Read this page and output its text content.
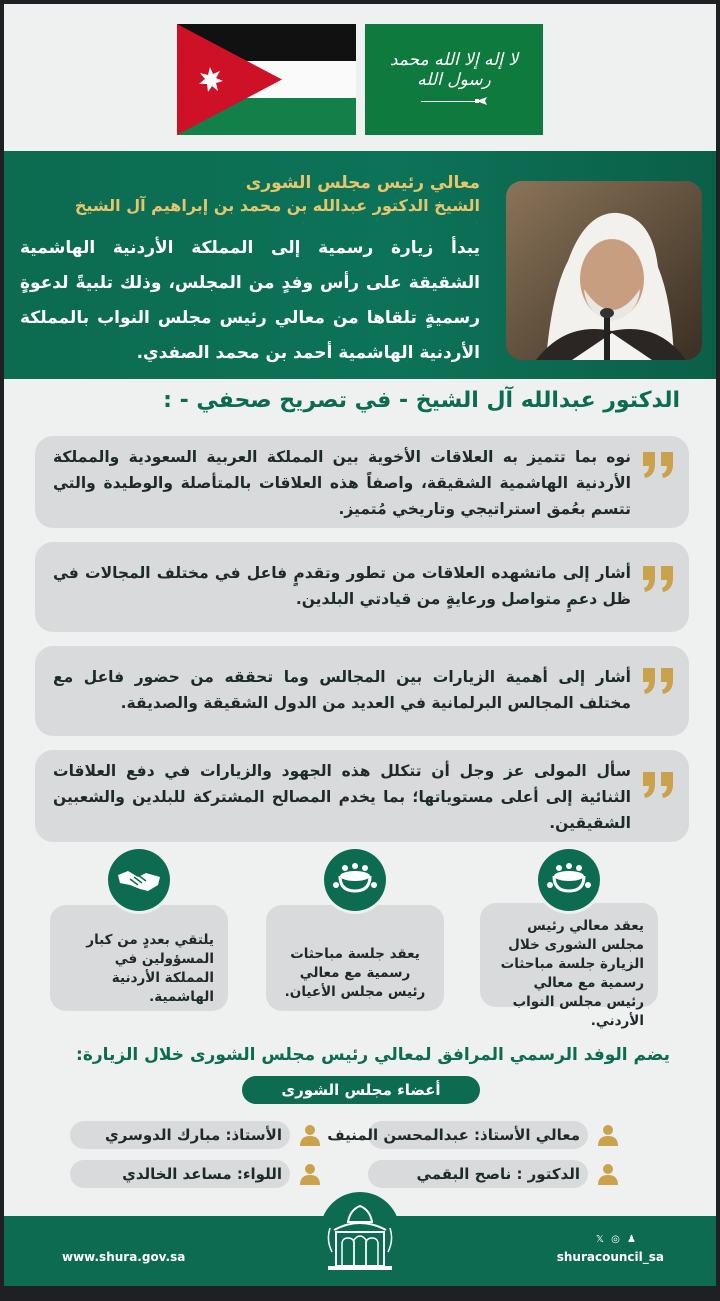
لا إله إلا الله محمد رسول الله
معالي رئيس مجلس الشورى
الشيخ الدكتور عبدالله بن محمد بن إبراهيم آل الشيخ
يبدأ زيارة رسمية إلى المملكة الأردنية الهاشمية الشقيقة على رأس وفدٍ من المجلس، وذلك تلبيةً لدعوةٍ رسميةٍ تلقاها من معالي رئيس مجلس النواب بالمملكة الأردنية الهاشمية أحمد بن محمد الصفدي.
الدكتور عبدالله آل الشيخ - في تصريح صحفي - :
نوه بما تتميز به العلاقات الأخوية بين المملكة العربية السعودية والمملكة الأردنية الهاشمية الشقيقة، واصفاً هذه العلاقات بالمتأصلة والوطيدة والتي تتسم بعُمق استراتيجي وتاريخي مُتميز.
أشار إلى ماتشهده العلاقات من تطور وتقدمٍ فاعل في مختلف المجالات في ظل دعمٍ متواصل ورعايةٍ من قيادتي البلدين.
أشار إلى أهمية الزيارات بين المجالس وما تحققه من حضور فاعل مع مختلف المجالس البرلمانية في العديد من الدول الشقيقة والصديقة.
سأل المولى عز وجل أن تتكلل هذه الجهود والزيارات في دفع العلاقات الثنائية إلى أعلى مستوياتها؛ بما يخدم المصالح المشتركة للبلدين والشعبين الشقيقين.
يعقد معالي رئيس مجلس الشورى خلال الزيارة جلسة مباحثات رسمية مع معالي رئيس مجلس النواب الأردني.
يعقد جلسة مباحثات رسمية مع معالي رئيس مجلس الأعيان.
يلتقي بعددٍ من كبار المسؤولين في المملكة الأردنية الهاشمية.
يضم الوفد الرسمي المرافق لمعالي رئيس مجلس الشورى خلال الزيارة:
أعضاء مجلس الشورى
معالي الأستاذ: عبدالمحسن المنيف
الأستاذ: مبارك الدوسري
الدكتور : ناصح البقمي
اللواء: مساعد الخالدي
www.shura.gov.sa
𝕏 ◎ ♟
shuracouncil_sa
